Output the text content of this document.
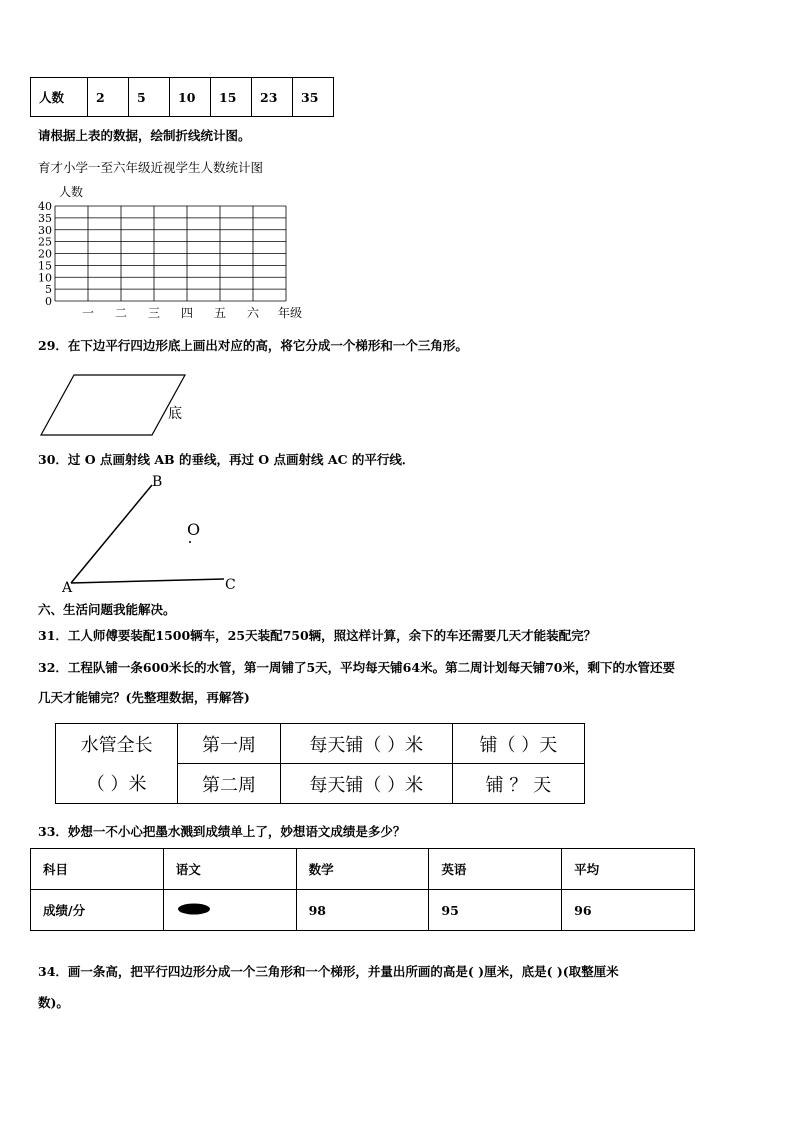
人数	2	5	10	15	23	35
请根据上表的数据，绘制折线统计图。
育才小学一至六年级近视学生人数统计图
人数
0
5
10
15
20
25
30
35
40
一 二 三 四 五 六 年级
29．在下边平行四边形底上画出对应的高，将它分成一个梯形和一个三角形。
底
30．过 O 点画射线 AB 的垂线，再过 O 点画射线 AC 的平行线．
A
B
C
O
六、生活问题我能解决。
31．工人师傅要装配1500辆车，25天装配750辆，照这样计算，余下的车还需要几天才能装配完？
32．工程队铺一条600米长的水管，第一周铺了5天，平均每天铺64米。第二周计划每天铺70米，剩下的水管还要
几天才能铺完？(先整理数据，再解答)
水管全长	第一周	每天铺（ ）米	铺（ ）天
（ ）米	第二周	每天铺（ ）米	铺 ？ 天
33．妙想一不小心把墨水溅到成绩单上了，妙想语文成绩是多少？
科目	语文	数学	英语	平均
成绩/分		98	95	96
34．画一条高，把平行四边形分成一个三角形和一个梯形，并量出所画的高是( )厘米，底是( )(取整厘米
数)。
